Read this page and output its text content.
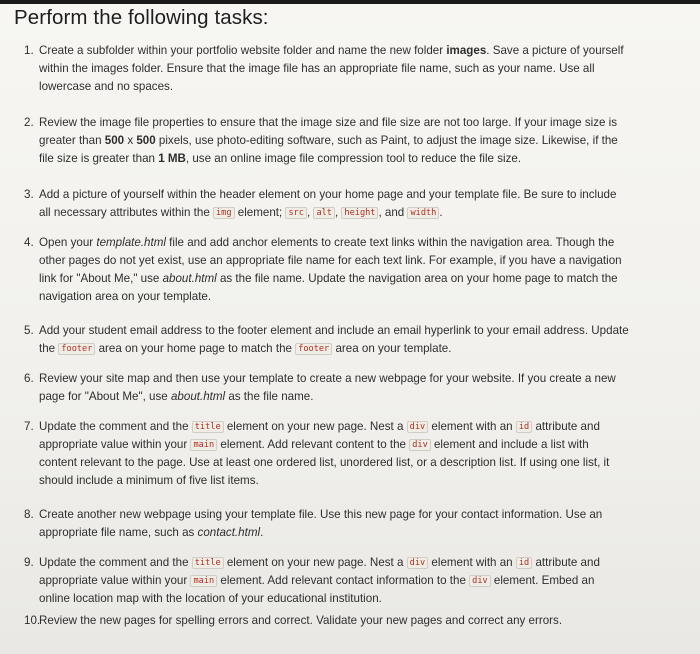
Perform the following tasks:
1. Create a subfolder within your portfolio website folder and name the new folder images. Save a picture of yourself
within the images folder. Ensure that the image file has an appropriate file name, such as your name. Use all
lowercase and no spaces.
2. Review the image file properties to ensure that the image size and file size are not too large. If your image size is
greater than 500 x 500 pixels, use photo-editing software, such as Paint, to adjust the image size. Likewise, if the
file size is greater than 1 MB, use an online image file compression tool to reduce the file size.
3. Add a picture of yourself within the header element on your home page and your template file. Be sure to include
all necessary attributes within the img element; src , alt , height , and width .
4. Open your template.html file and add anchor elements to create text links within the navigation area. Though the
other pages do not yet exist, use an appropriate file name for each text link. For example, if you have a navigation
link for "About Me," use about.html as the file name. Update the navigation area on your home page to match the
navigation area on your template.
5. Add your student email address to the footer element and include an email hyperlink to your email address. Update
the footer area on your home page to match the footer area on your template.
6. Review your site map and then use your template to create a new webpage for your website. If you create a new
page for "About Me", use about.html as the file name.
7. Update the comment and the title element on your new page. Nest a div element with an id attribute and
appropriate value within your main element. Add relevant content to the div element and include a list with
content relevant to the page. Use at least one ordered list, unordered list, or a description list. If using one list, it
should include a minimum of five list items.
8. Create another new webpage using your template file. Use this new page for your contact information. Use an
appropriate file name, such as contact.html.
9. Update the comment and the title element on your new page. Nest a div element with an id attribute and
appropriate value within your main element. Add relevant contact information to the div element. Embed an
online location map with the location of your educational institution.
10.
Review the new pages for spelling errors and correct. Validate your new pages and correct any errors.
